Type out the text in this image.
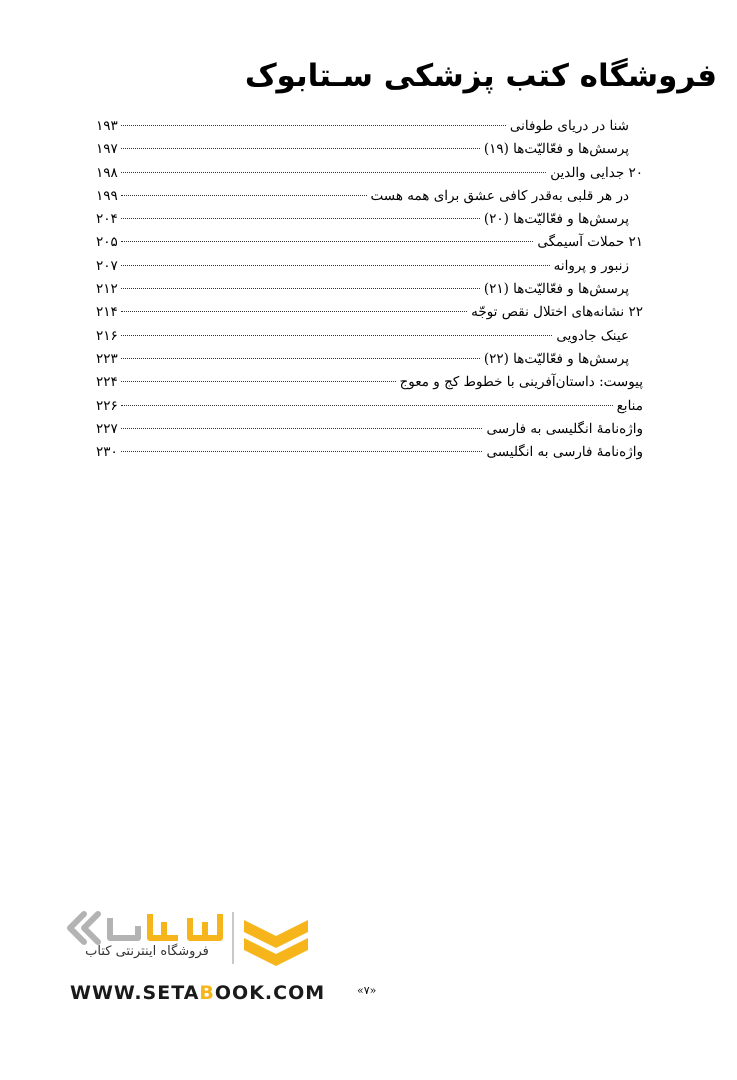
فروشگاه کتب پزشکی سـتابوک
شنا در دریای طوفانی
۱۹۳
پرسش‌ها و فعّالیّت‌ها (۱۹)
۱۹۷
۲۰ جدایی والدین
۱۹۸
در هر قلبی به‌قدر کافی عشق برای همه هست
۱۹۹
پرسش‌ها و فعّالیّت‌ها (۲۰)
۲۰۴
۲۱ حملات آسیمگی
۲۰۵
زنبور و پروانه
۲۰۷
پرسش‌ها و فعّالیّت‌ها (۲۱)
۲۱۲
۲۲ نشانه‌های اختلال نقص توجّه
۲۱۴
عینک جادویی
۲۱۶
پرسش‌ها و فعّالیّت‌ها (۲۲)
۲۲۳
پیوست: داستان‌آفرینی با خطوط کج و معوج
۲۲۴
منابع
۲۲۶
واژه‌نامهٔ انگلیسی به فارسی
۲۲۷
واژه‌نامهٔ فارسی به انگلیسی
۲۳۰
فروشگاه اینترنتی کتاب
WWW.SETABOOK.COM	«۷»
